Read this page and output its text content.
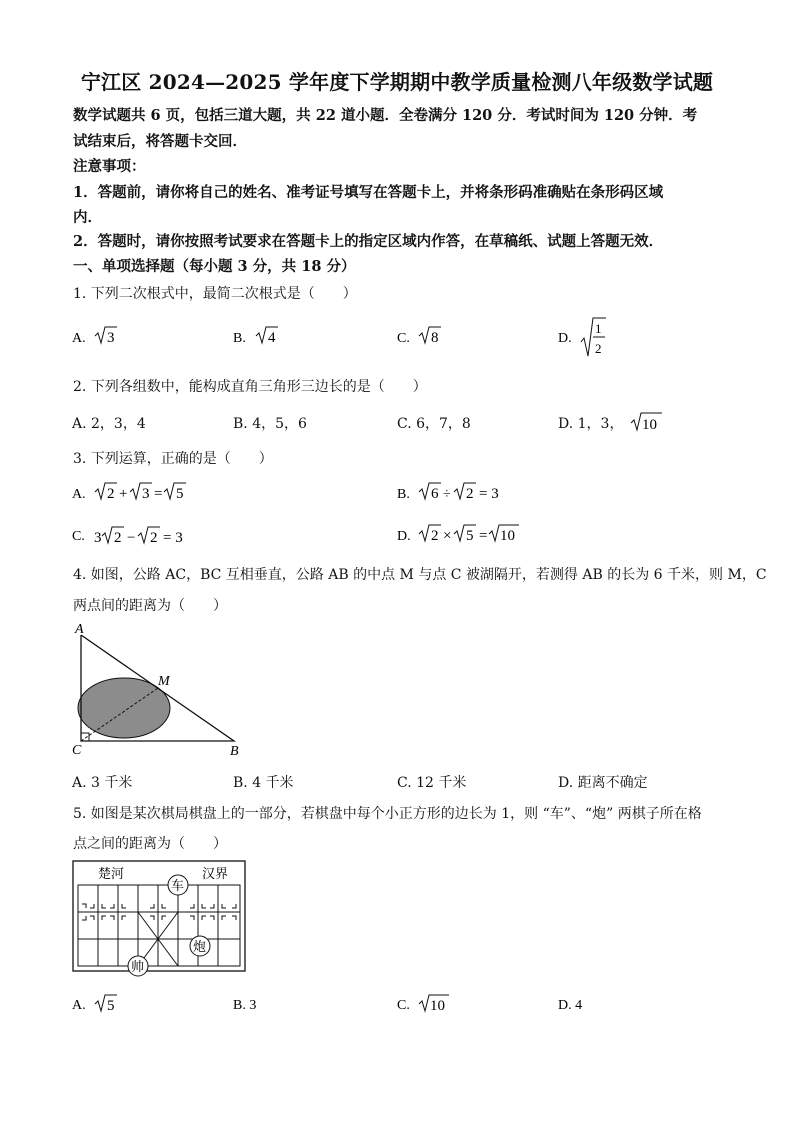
宁江区 2024—2025 学年度下学期期中教学质量检测八年级数学试题
数学试题共 6 页，包括三道大题，共 22 道小题．全卷满分 120 分．考试时间为 120 分钟．考
试结束后，将答题卡交回．
注意事项：
1．答题前，请你将自己的姓名、准考证号填写在答题卡上，并将条形码准确贴在条形码区域
内．
2．答题时，请你按照考试要求在答题卡上的指定区域内作答，在草稿纸、试题上答题无效．
一、单项选择题（每小题 3 分，共 18 分）
1. 下列二次根式中，最简二次根式是（　　）
A. 3	B. 4	C. 8	D.
1
2
2. 下列各组数中，能构成直角三角形三边长的是（　　）
A. 2，3，4	B. 4，5，6	C. 6，7，8	D. 1，3， 10
3. 下列运算，正确的是（　　）
A. 2 + 3 = 5	B. 6 ÷ 2 = 3
C. 3 2 − 2 = 3	D. 2 × 5 = 10
4. 如图，公路 AC，BC 互相垂直，公路 AB 的中点 M 与点 C 被湖隔开，若测得 AB 的长为 6 千米，则 M，C
两点间的距离为（　　）
A
C	B
M
A. 3 千米	B. 4 千米	C. 12 千米	D. 距离不确定
5. 如图是某次棋局棋盘上的一部分，若棋盘中每个小正方形的边长为 1，则 “车”、“炮” 两棋子所在格
点之间的距离为（　　）
楚河	汉界
车
炮
帅
A. 5	B. 3	C. 10	D. 4
